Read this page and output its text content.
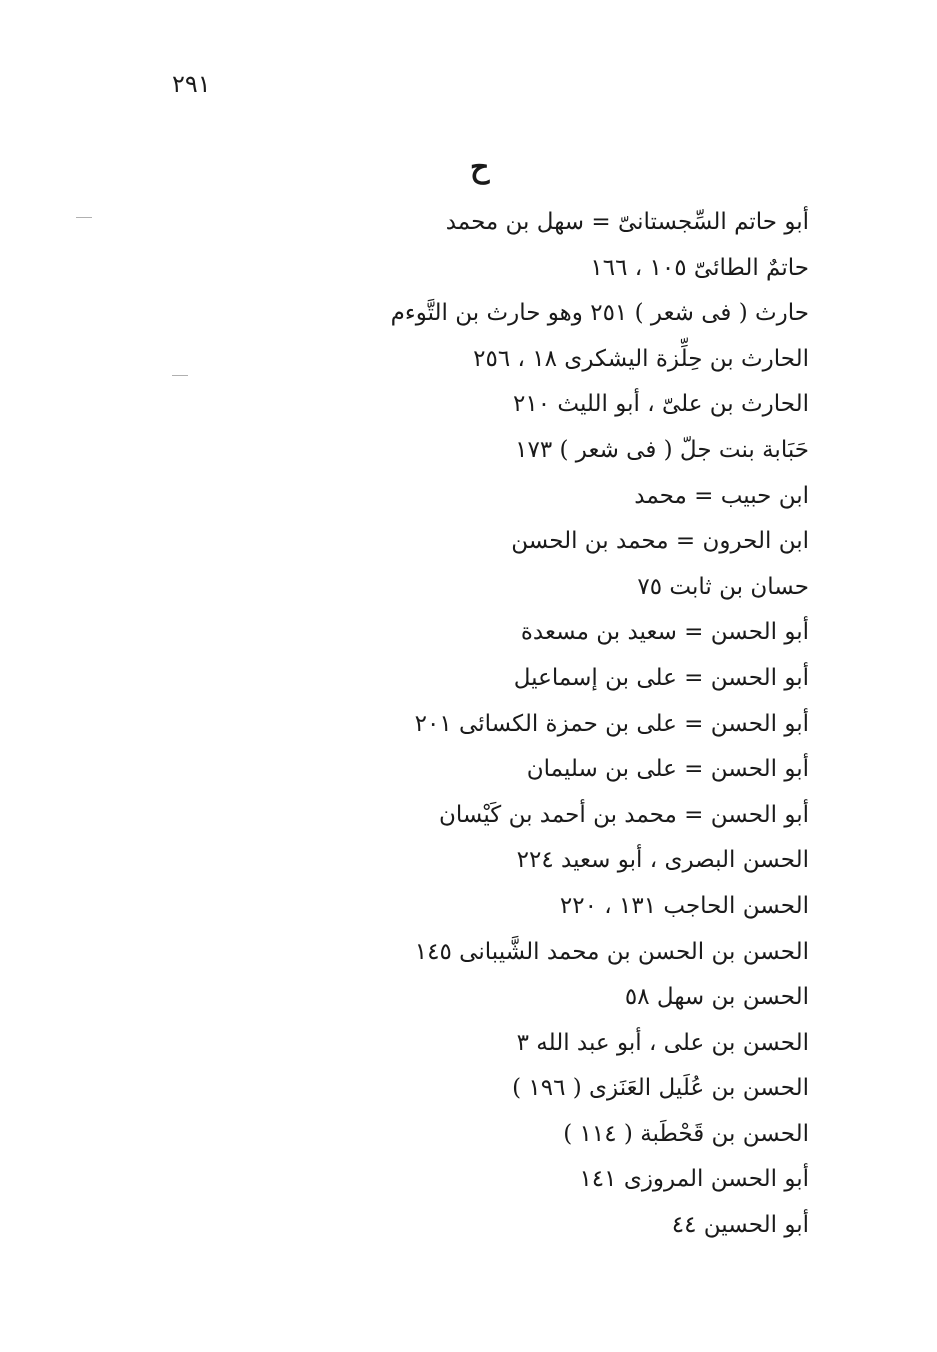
٢٩١
ح
أبو حاتم السِّجستانىّ = سهل بن محمد
حاتمٌ الطائىّ ١٠٥ ، ١٦٦
حارث ( فى شعر ) ٢٥١ وهو حارث بن التَّوءم
الحارث بن حِلِّزة اليشكرى ١٨ ، ٢٥٦
الحارث بن علىّ ، أبو الليث ٢١٠
حَبَابة بنت جلّ ( فى شعر ) ١٧٣
ابن حبيب = محمد
ابن الحرون = محمد بن الحسن
حسان بن ثابت ٧٥
أبو الحسن = سعيد بن مسعدة
أبو الحسن = على بن إسماعيل
أبو الحسن = على بن حمزة الكسائى ٢٠١
أبو الحسن = على بن سليمان
أبو الحسن = محمد بن أحمد بن كَيْسان
الحسن البصرى ، أبو سعيد ٢٢٤
الحسن الحاجب ١٣١ ، ٢٢٠
الحسن بن الحسن بن محمد الشَّيبانى ١٤٥
الحسن بن سهل ٥٨
الحسن بن على ، أبو عبد الله ٣
الحسن بن عُلَيل العَنَزى ( ١٩٦ )
الحسن بن قَحْطَبة ( ١١٤ )
أبو الحسن المروزى ١٤١
أبو الحسين ٤٤
